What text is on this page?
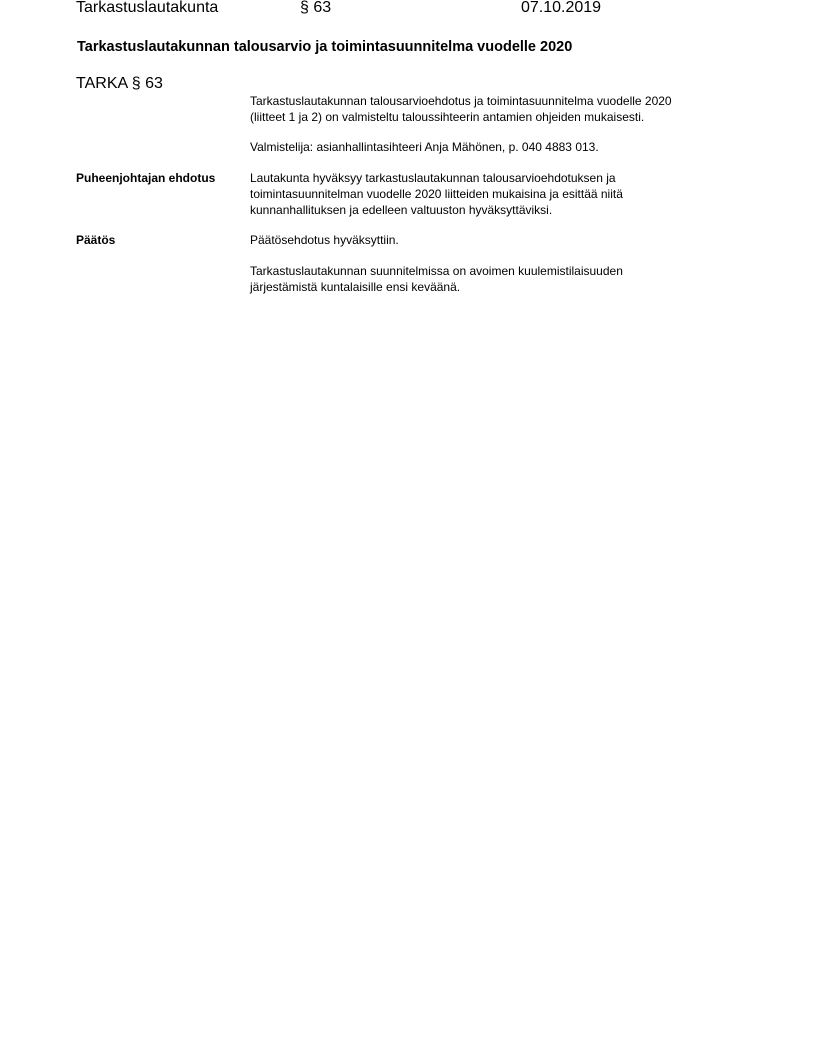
Tarkastuslautakunta	§ 63	07.10.2019
Tarkastuslautakunnan talousarvio ja toimintasuunnitelma vuodelle 2020
TARKA § 63
Tarkastuslautakunnan talousarvioehdotus ja toimintasuunnitelma vuodelle 2020
(liitteet 1 ja 2) on valmisteltu taloussihteerin antamien ohjeiden mukaisesti.
Valmistelija: asianhallintasihteeri Anja Mähönen, p. 040 4883 013.
Puheenjohtajan ehdotus	Lautakunta hyväksyy tarkastuslautakunnan talousarvioehdotuksen ja
toimintasuunnitelman vuodelle 2020 liitteiden mukaisina ja esittää niitä
kunnanhallituksen ja edelleen valtuuston hyväksyttäviksi.
Päätös	Päätösehdotus hyväksyttiin.
Tarkastuslautakunnan suunnitelmissa on avoimen kuulemistilaisuuden
järjestämistä kuntalaisille ensi keväänä.
